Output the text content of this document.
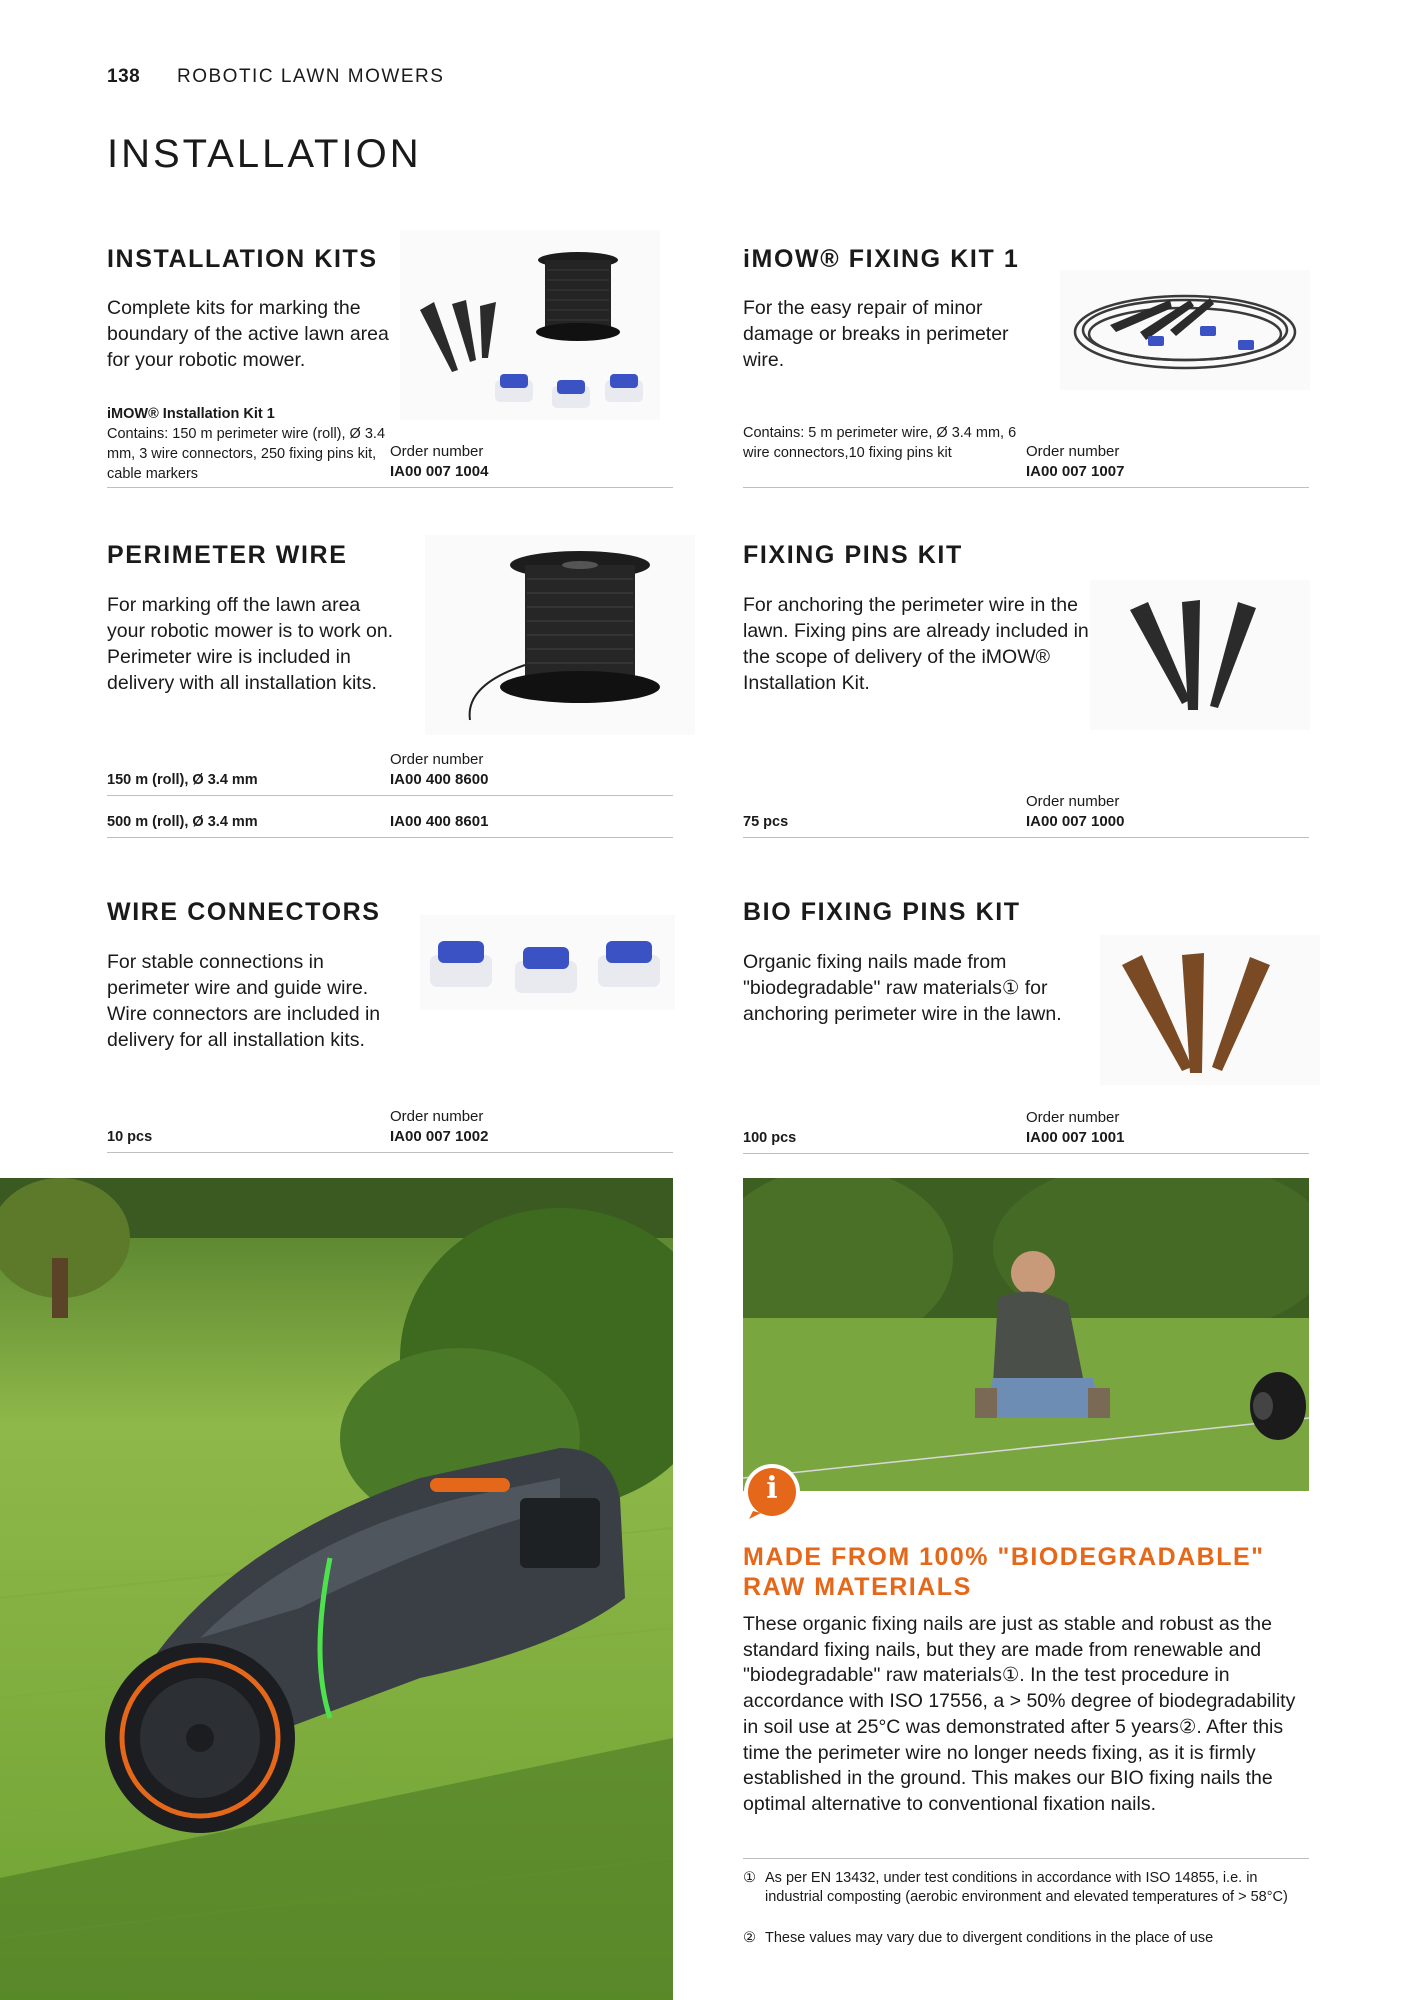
138 ROBOTIC LAWN MOWERS
INSTALLATION
INSTALLATION KITS
Complete kits for marking the boundary of the active lawn area for your robotic mower.
iMOW® Installation Kit 1
Contains: 150 m perimeter wire (roll), Ø 3.4 mm, 3 wire connectors, 250 fixing pins kit, cable markers
Order number
IA00 007 1004
iMOW® FIXING KIT 1
For the easy repair of minor damage or breaks in perimeter wire.
Contains: 5 m perimeter wire, Ø 3.4 mm, 6 wire connectors,10 fixing pins kit	Order number
IA00 007 1007
PERIMETER WIRE
For marking off the lawn area your robotic mower is to work on. Perimeter wire is included in delivery with all installation kits.
Order number
150 m (roll), Ø 3.4 mm	IA00 400 8600
500 m (roll), Ø 3.4 mm	IA00 400 8601
FIXING PINS KIT
For anchoring the perimeter wire in the lawn. Fixing pins are already included in the scope of delivery of the iMOW® Installation Kit.
Order number
75 pcs	IA00 007 1000
WIRE CONNECTORS
For stable connections in perimeter wire and guide wire. Wire connectors are included in delivery for all installation kits.
Order number
10 pcs	IA00 007 1002
BIO FIXING PINS KIT
Organic fixing nails made from "biodegradable" raw materials① for anchoring perimeter wire in the lawn.
Order number
100 pcs	IA00 007 1001
i
MADE FROM 100% "BIODEGRADABLE"
RAW MATERIALS
These organic fixing nails are just as stable and robust as the standard fixing nails, but they are made from renewable and "biodegradable" raw materials①. In the test procedure in accordance with ISO 17556, a > 50% degree of biodegradability in soil use at 25°C was demonstrated after 5 years②. After this time the perimeter wire no longer needs fixing, as it is firmly established in the ground. This makes our BIO fixing nails the optimal alternative to conventional fixation nails.
① As per EN 13432, under test conditions in accordance with ISO 14855, i.e. in industrial composting (aerobic environment and elevated temperatures of > 58°C)
② These values may vary due to divergent conditions in the place of use
